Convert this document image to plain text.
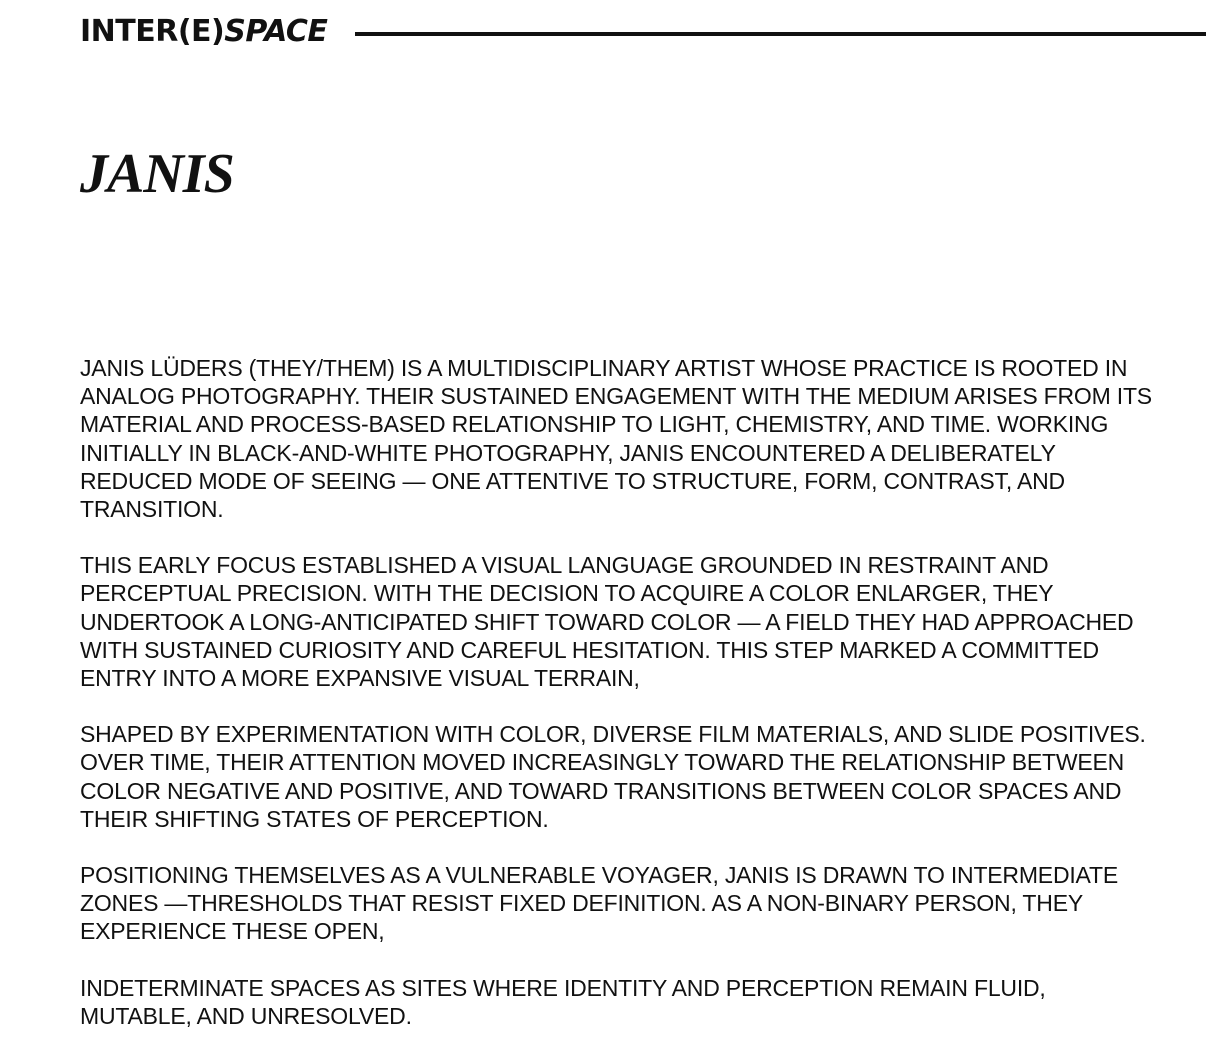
INTER(E)SPACE
JANIS

JANIS LÜDERS (THEY/THEM) IS A MULTIDISCIPLINARY ARTIST WHOSE PRACTICE IS ROOTED IN ANALOG PHOTOGRAPHY. THEIR SUSTAINED ENGAGEMENT WITH THE MEDIUM ARISES FROM ITS MATERIAL AND PROCESS-BASED RELATIONSHIP TO LIGHT, CHEMISTRY, AND TIME. WORKING INITIALLY IN BLACK-AND-WHITE PHOTOGRAPHY, JANIS ENCOUNTERED A DELIBERATELY REDUCED MODE OF SEEING — ONE ATTENTIVE TO STRUCTURE, FORM, CONTRAST, AND TRANSITION.

THIS EARLY FOCUS ESTABLISHED A VISUAL LANGUAGE GROUNDED IN RESTRAINT AND PERCEPTUAL PRECISION. WITH THE DECISION TO ACQUIRE A COLOR ENLARGER, THEY UNDERTOOK A LONG-ANTICIPATED SHIFT TOWARD COLOR — A FIELD THEY HAD APPROACHED WITH SUSTAINED CURIOSITY AND CAREFUL HESITATION. THIS STEP MARKED A COMMITTED ENTRY INTO A MORE EXPANSIVE VISUAL TERRAIN,

SHAPED BY EXPERIMENTATION WITH COLOR, DIVERSE FILM MATERIALS, AND SLIDE POSITIVES. OVER TIME, THEIR ATTENTION MOVED INCREASINGLY TOWARD THE RELATIONSHIP BETWEEN COLOR NEGATIVE AND POSITIVE, AND TOWARD TRANSITIONS BETWEEN COLOR SPACES AND THEIR SHIFTING STATES OF PERCEPTION.

POSITIONING THEMSELVES AS A VULNERABLE VOYAGER, JANIS IS DRAWN TO INTERMEDIATE ZONES —THRESHOLDS THAT RESIST FIXED DEFINITION. AS A NON-BINARY PERSON, THEY EXPERIENCE THESE OPEN,

INDETERMINATE SPACES AS SITES WHERE IDENTITY AND PERCEPTION REMAIN FLUID, MUTABLE, AND UNRESOLVED.
